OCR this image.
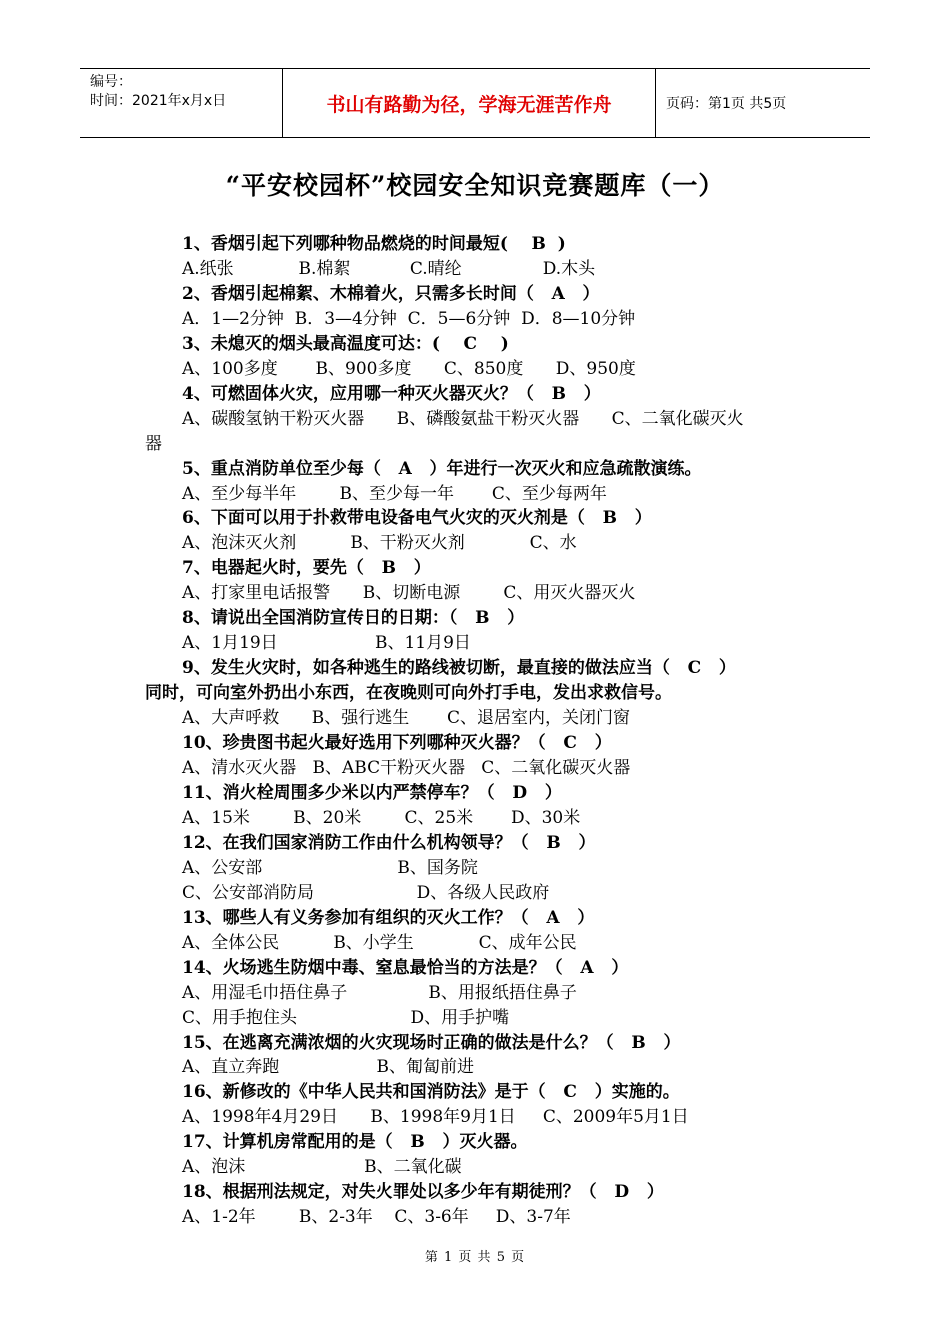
编号：
时间：2021年x月x日	书山有路勤为径，学海无涯苦作舟	页码：第1页 共5页
“平安校园杯”校园安全知识竞赛题库（一）

1、香烟引起下列哪种物品燃烧的时间最短(    B  )

A.纸张            B.棉絮           C.晴纶               D.木头

2、香烟引起棉絮、木棉着火，只需多长时间（   A   ）

A．1—2分钟  B．3—4分钟  C．5—6分钟  D．8—10分钟

3、未熄灭的烟头最高温度可达：(    C    )

A、100多度       B、900多度      C、850度      D、950度

4、可燃固体火灾，应用哪一种灭火器灭火？（   B   ）

A、碳酸氢钠干粉灭火器      B、磷酸氨盐干粉灭火器      C、二氧化碳灭火

器

5、重点消防单位至少每（   A   ）年进行一次灭火和应急疏散演练。

A、至少每半年        B、至少每一年       C、至少每两年

6、下面可以用于扑救带电设备电气火灾的灭火剂是（   B   ）

A、泡沫灭火剂          B、干粉灭火剂            C、水

7、电器起火时，要先（   B   ）

A、打家里电话报警      B、切断电源        C、用灭火器灭火

8、请说出全国消防宣传日的日期：（   B   ）

A、1月19日                  B、11月9日

9、发生火灾时，如各种逃生的路线被切断，最直接的做法应当（   C   ）

同时，可向室外扔出小东西，在夜晚则可向外打手电，发出求救信号。

A、大声呼救      B、强行逃生       C、退居室内，关闭门窗

10、珍贵图书起火最好选用下列哪种灭火器？（   C   ）

A、清水灭火器   B、ABC干粉灭火器   C、二氧化碳灭火器

11、消火栓周围多少米以内严禁停车？（   D   ）

A、15米        B、20米        C、25米       D、30米

12、在我们国家消防工作由什么机构领导？（   B   ）

A、公安部                         B、国务院

C、公安部消防局                   D、各级人民政府

13、哪些人有义务参加有组织的灭火工作？（   A   ）

A、全体公民          B、小学生            C、成年公民

14、火场逃生防烟中毒、窒息最恰当的方法是？（   A   ）

A、用湿毛巾捂住鼻子               B、用报纸捂住鼻子

C、用手抱住头                     D、用手护嘴

15、在逃离充满浓烟的火灾现场时正确的做法是什么？（   B   ）

A、直立奔跑                  B、匍匐前进

16、新修改的《中华人民共和国消防法》是于（   C   ）实施的。

A、1998年4月29日      B、1998年9月1日     C、2009年5月1日

17、计算机房常配用的是（   B   ）灭火器。

A、泡沫                      B、二氧化碳

18、根据刑法规定，对失火罪处以多少年有期徒刑？（   D   ）

A、1-2年        B、2-3年    C、3-6年     D、3-7年

第 1 页 共 5 页
